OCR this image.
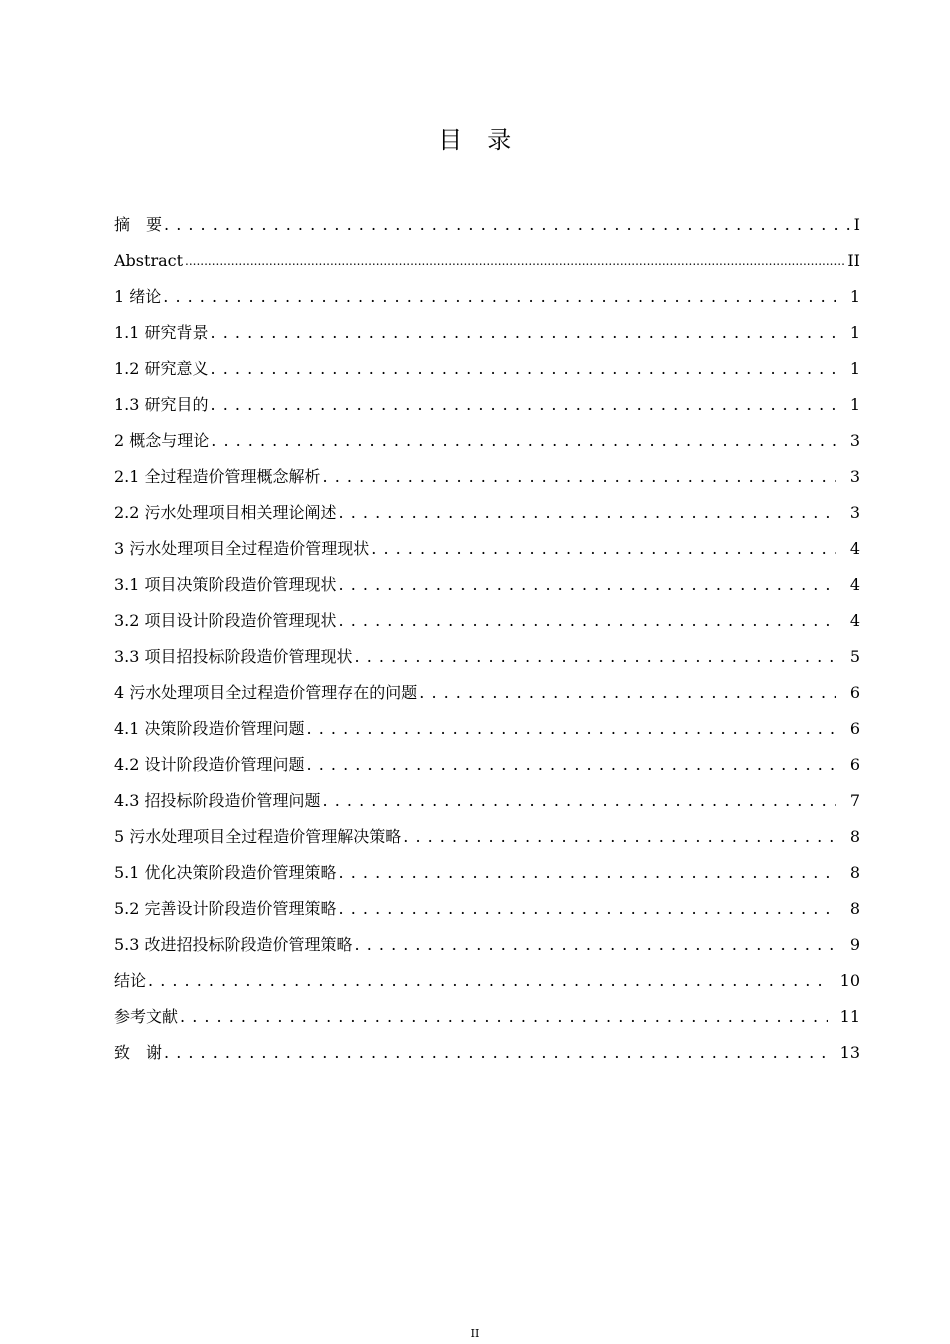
目　录
摘　要 . . .	I
Abstract .....	II
1 绪论 . . .	1
1.1 研究背景 . . .	1
1.2 研究意义 . . .	1
1.3 研究目的 . . .	1
2 概念与理论 . . .	3
2.1 全过程造价管理概念解析 . . .	3
2.2 污水处理项目相关理论阐述 . . .	3
3 污水处理项目全过程造价管理现状 . . .	4
3.1 项目决策阶段造价管理现状 . . .	4
3.2 项目设计阶段造价管理现状 . . .	4
3.3 项目招投标阶段造价管理现状 . . .	5
4 污水处理项目全过程造价管理存在的问题 . . .	6
4.1 决策阶段造价管理问题 . . .	6
4.2 设计阶段造价管理问题 . . .	6
4.3 招投标阶段造价管理问题 . . .	7
5 污水处理项目全过程造价管理解决策略 . . .	8
5.1 优化决策阶段造价管理策略 . . .	8
5.2 完善设计阶段造价管理策略 . . .	8
5.3 改进招投标阶段造价管理策略 . . .	9
结论 . . .	10
参考文献 . . .	11
致　谢 . . .	13
II
